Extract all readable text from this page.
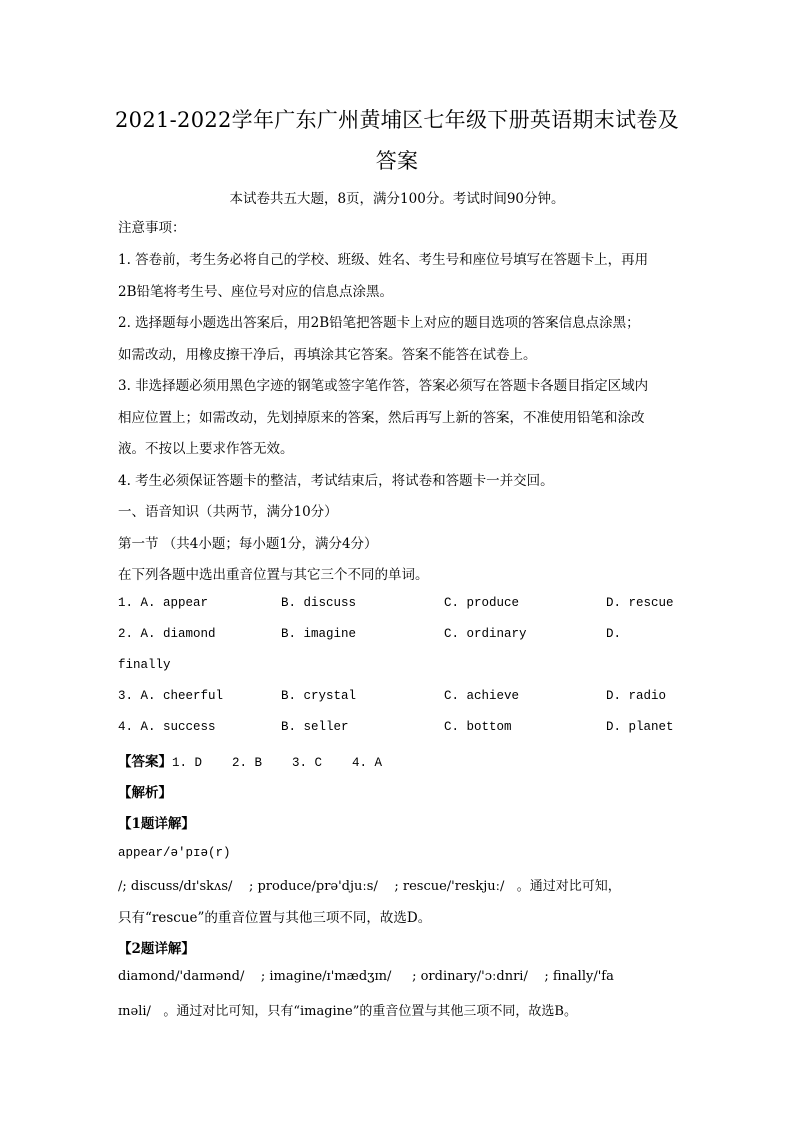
2021-2022学年广东广州黄埔区七年级下册英语期末试卷及
答案
本试卷共五大题，8页，满分100分。考试时间90分钟。
注意事项：
1. 答卷前，考生务必将自己的学校、班级、姓名、考生号和座位号填写在答题卡上，再用
2B铅笔将考生号、座位号对应的信息点涂黑。
2. 选择题每小题选出答案后，用2B铅笔把答题卡上对应的题目选项的答案信息点涂黑；
如需改动，用橡皮擦干净后，再填涂其它答案。答案不能答在试卷上。
3. 非选择题必须用黑色字迹的钢笔或签字笔作答，答案必须写在答题卡各题目指定区域内
相应位置上；如需改动，先划掉原来的答案，然后再写上新的答案，不准使用铅笔和涂改
液。不按以上要求作答无效。
4. 考生必须保证答题卡的整洁，考试结束后，将试卷和答题卡一并交回。
一、语音知识（共两节，满分10分）
第一节 （共4小题；每小题1分，满分4分）
在下列各题中选出重音位置与其它三个不同的单词。
1. A. appear	B. discuss	C. produce	D. rescue
2. A. diamond	B. imagine	C. ordinary	D.
finally
3. A. cheerful	B. crystal	C. achieve	D. radio
4. A. success	B. seller	C. bottom	D. planet
【答案】1. D    2. B    3. C    4. A
【解析】
【1题详解】
appear/ə'pɪə(r)
/; discuss/dɪ'skʌs/    ; produce/prə'djuːs/    ; rescue/'reskjuː/   。通过对比可知，
只有“rescue”的重音位置与其他三项不同，故选D。
【2题详解】
diamond/'daɪmənd/    ; imagine/ɪ'mædʒɪn/     ; ordinary/'ɔːdnri/    ; finally/'fa
ɪnəli/   。通过对比可知，只有“imagine”的重音位置与其他三项不同，故选B。
